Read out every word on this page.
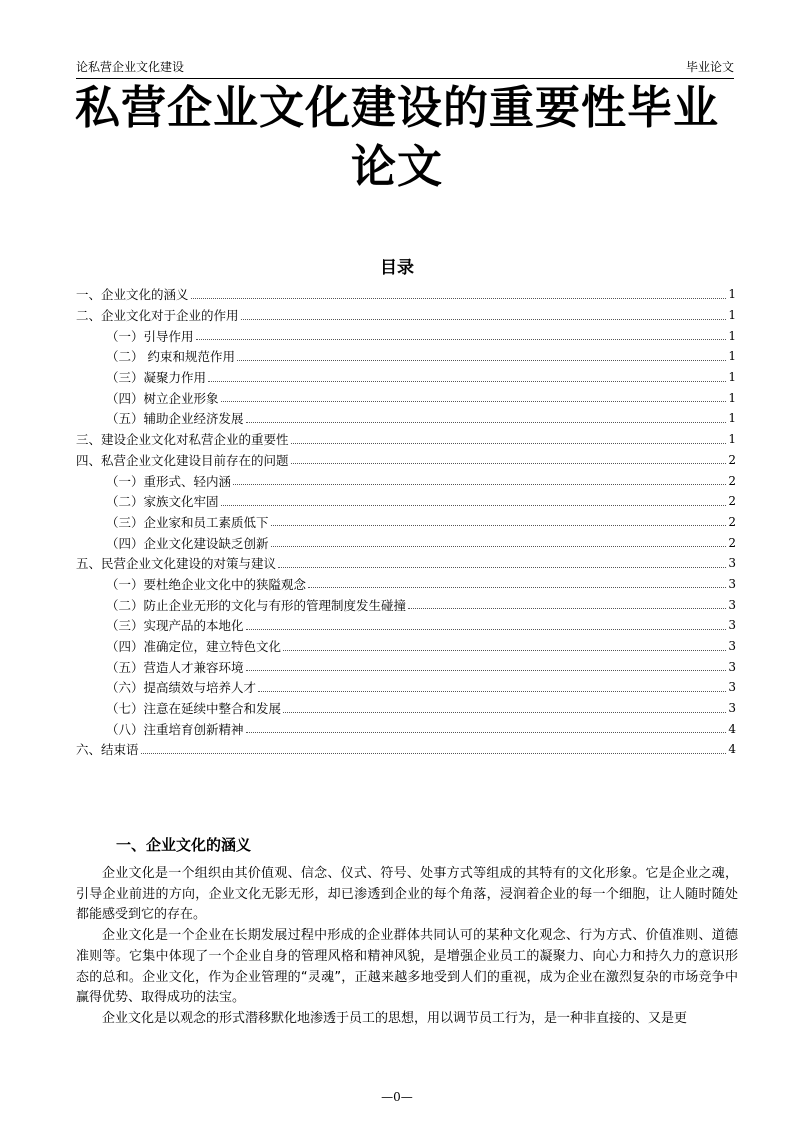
论私营企业文化建设	毕业论文
私营企业文化建设的重要性毕业论文
目录
一、企业文化的涵义	1
二、企业文化对于企业的作用	1
（一）引导作用	1
（二） 约束和规范作用	1
（三）凝聚力作用	1
（四）树立企业形象	1
（五）辅助企业经济发展	1
三、建设企业文化对私营企业的重要性	1
四、私营企业文化建设目前存在的问题	2
（一）重形式、轻内涵	2
（二）家族文化牢固	2
（三）企业家和员工素质低下	2
（四）企业文化建设缺乏创新	2
五、民营企业文化建设的对策与建议	3
（一）要杜绝企业文化中的狭隘观念	3
（二）防止企业无形的文化与有形的管理制度发生碰撞	3
（三）实现产品的本地化	3
（四）准确定位，建立特色文化	3
（五）营造人才兼容环境	3
（六）提高绩效与培养人才	3
（七）注意在延续中整合和发展	3
（八）注重培育创新精神	4
六、结束语	4
一、企业文化的涵义

企业文化是一个组织由其价值观、信念、仪式、符号、处事方式等组成的其特有的文化形象。它是企业之魂，引导企业前进的方向，企业文化无影无形，却已渗透到企业的每个角落，浸润着企业的每一个细胞，让人随时随处都能感受到它的存在。

企业文化是一个企业在长期发展过程中形成的企业群体共同认可的某种文化观念、行为方式、价值准则、道德准则等。它集中体现了一个企业自身的管理风格和精神风貌，是增强企业员工的凝聚力、向心力和持久力的意识形态的总和。企业文化，作为企业管理的“灵魂”，正越来越多地受到人们的重视，成为企业在激烈复杂的市场竞争中赢得优势、取得成功的法宝。

企业文化是以观念的形式潜移默化地渗透于员工的思想，用以调节员工行为，是一种非直接的、又是更

—0—
